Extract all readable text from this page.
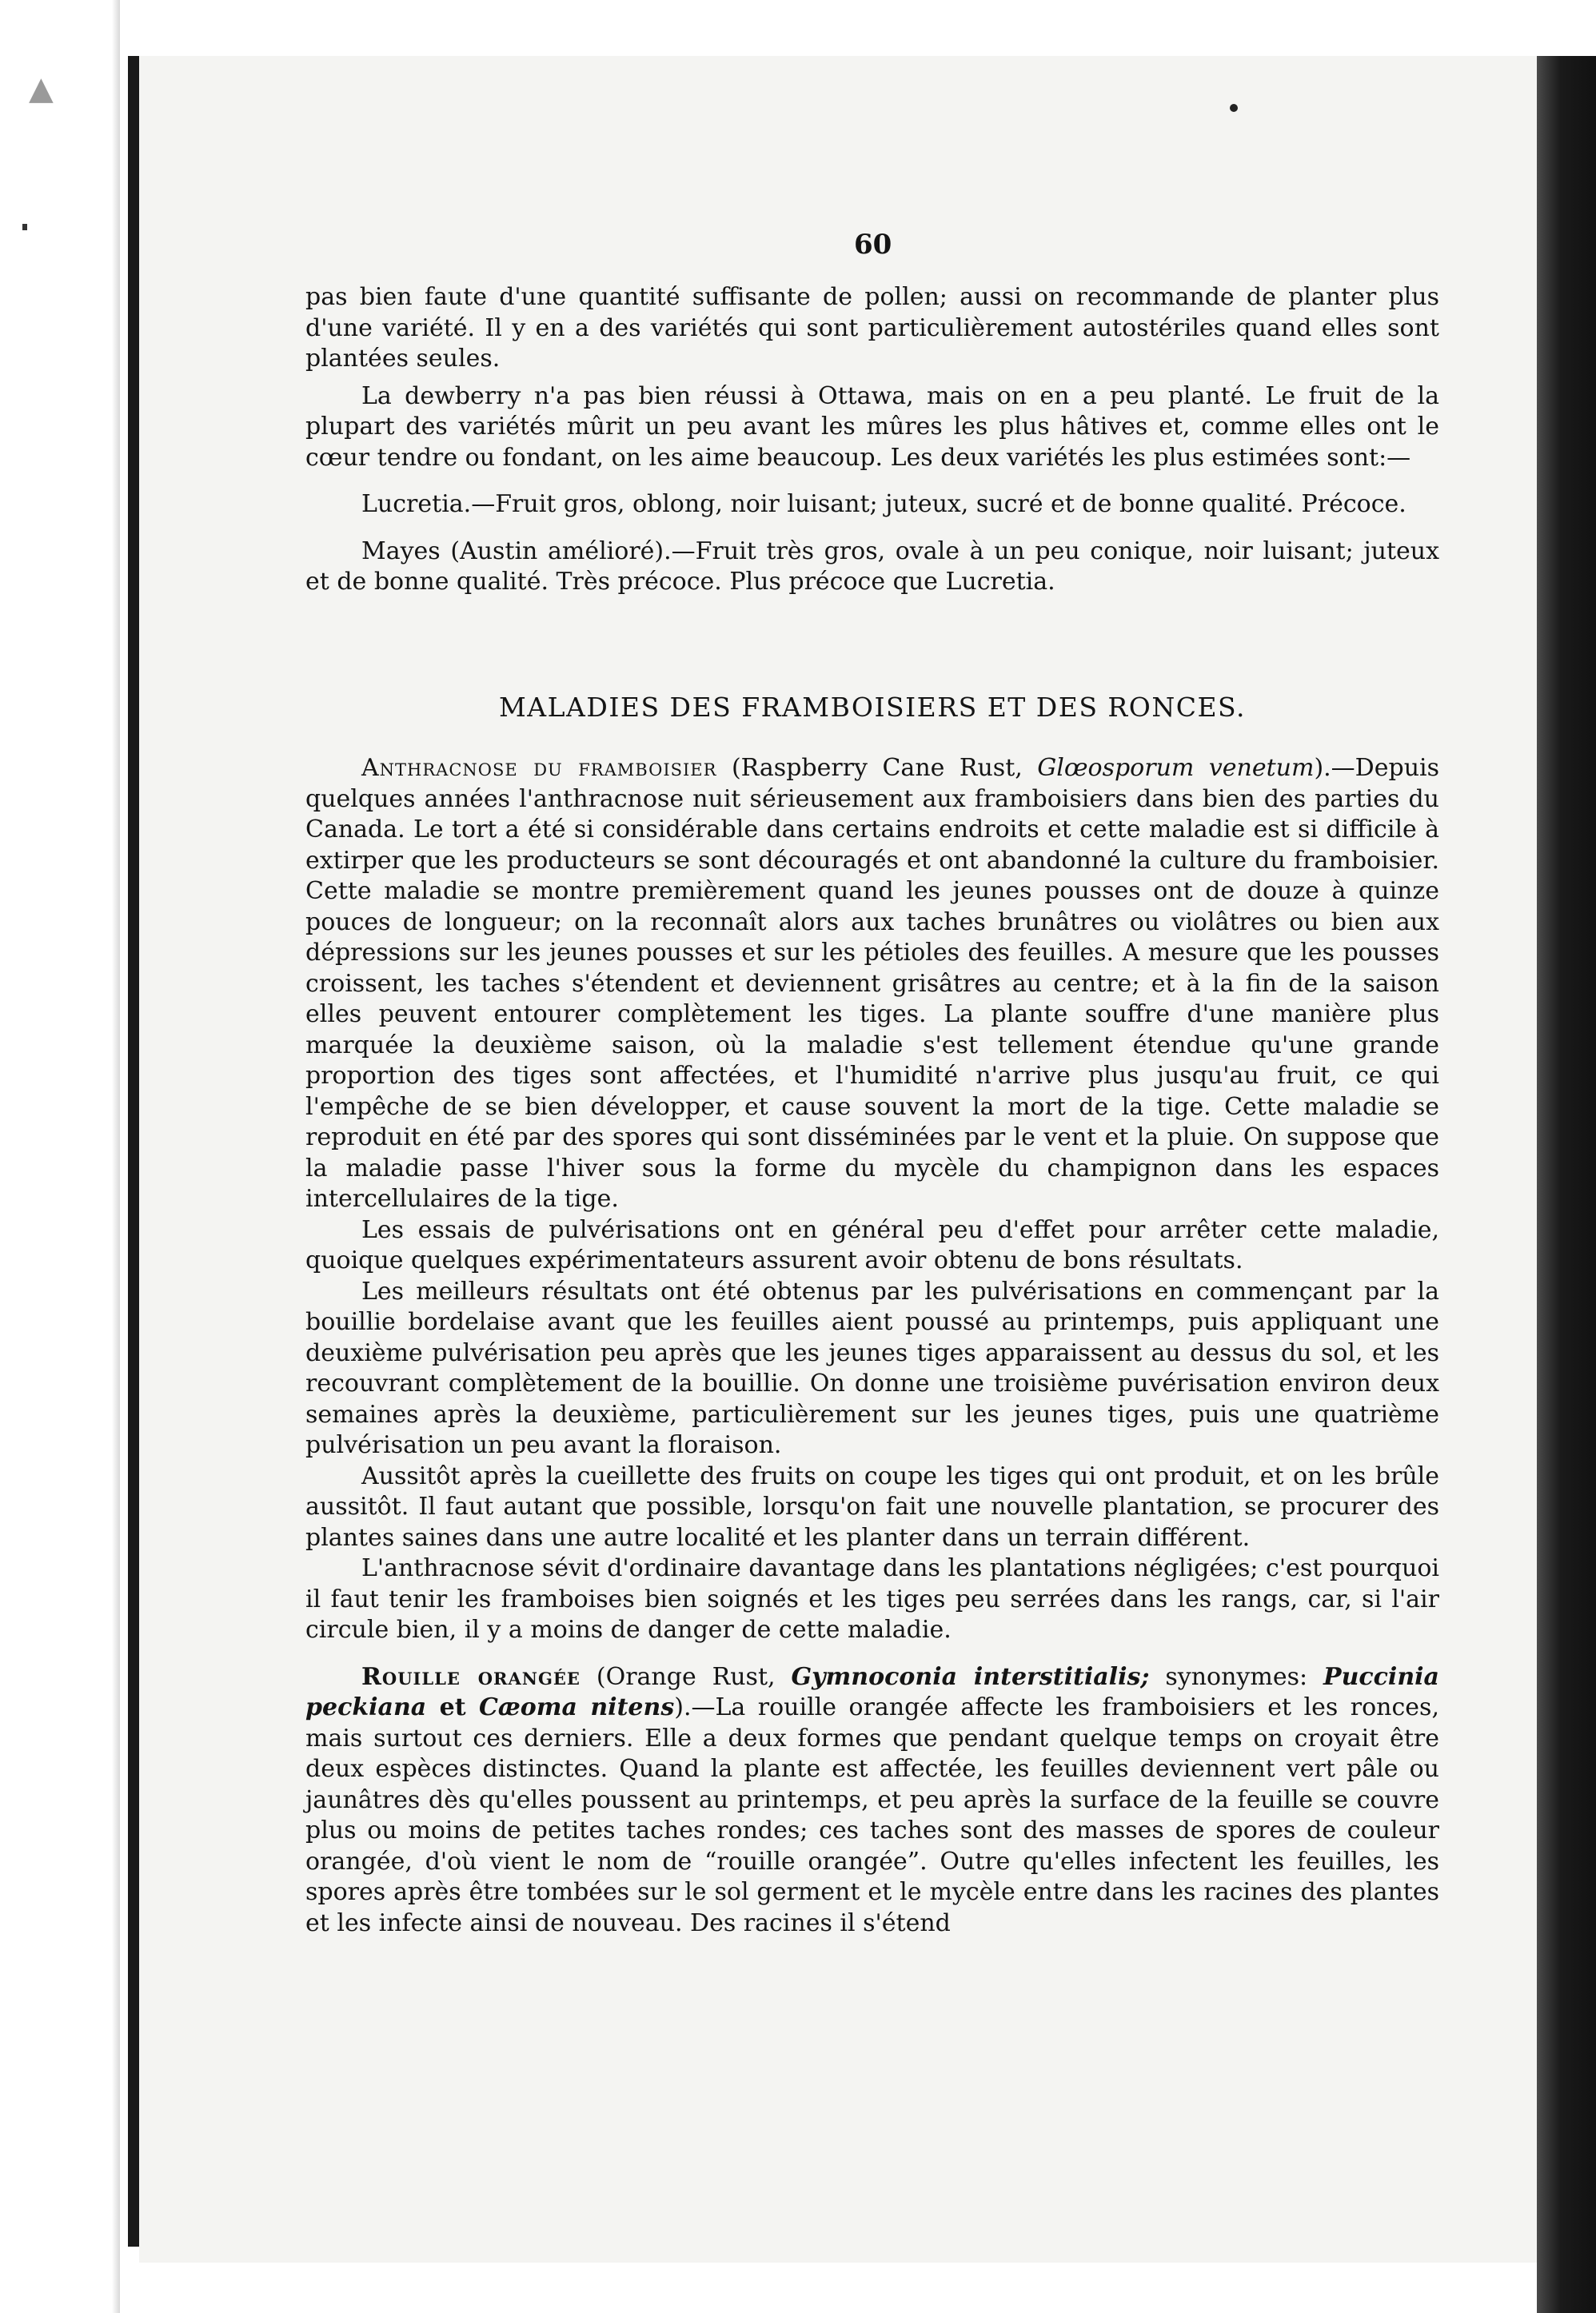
▲
60

pas bien faute d'une quantité suffisante de pollen; aussi on recommande de planter plus d'une variété. Il y en a des variétés qui sont particulièrement autostériles quand elles sont plantées seules.

La dewberry n'a pas bien réussi à Ottawa, mais on en a peu planté. Le fruit de la plupart des variétés mûrit un peu avant les mûres les plus hâtives et, comme elles ont le cœur tendre ou fondant, on les aime beaucoup. Les deux variétés les plus estimées sont:—

Lucretia.—Fruit gros, oblong, noir luisant; juteux, sucré et de bonne qualité. Précoce.

Mayes (Austin amélioré).—Fruit très gros, ovale à un peu conique, noir luisant; juteux et de bonne qualité. Très précoce. Plus précoce que Lucretia.

MALADIES DES FRAMBOISIERS ET DES RONCES.

Anthracnose du framboisier (Raspberry Cane Rust, Glœosporum venetum).—Depuis quelques années l'anthracnose nuit sérieusement aux framboisiers dans bien des parties du Canada. Le tort a été si considérable dans certains endroits et cette maladie est si difficile à extirper que les producteurs se sont découragés et ont abandonné la culture du framboisier. Cette maladie se montre premièrement quand les jeunes pousses ont de douze à quinze pouces de longueur; on la reconnaît alors aux taches brunâtres ou violâtres ou bien aux dépressions sur les jeunes pousses et sur les pétioles des feuilles. A mesure que les pousses croissent, les taches s'étendent et deviennent grisâtres au centre; et à la fin de la saison elles peuvent entourer complètement les tiges. La plante souffre d'une manière plus marquée la deuxième saison, où la maladie s'est tellement étendue qu'une grande proportion des tiges sont affectées, et l'humidité n'arrive plus jusqu'au fruit, ce qui l'empêche de se bien développer, et cause souvent la mort de la tige. Cette maladie se reproduit en été par des spores qui sont disséminées par le vent et la pluie. On suppose que la maladie passe l'hiver sous la forme du mycèle du champignon dans les espaces intercellulaires de la tige.

Les essais de pulvérisations ont en général peu d'effet pour arrêter cette maladie, quoique quelques expérimentateurs assurent avoir obtenu de bons résultats.

Les meilleurs résultats ont été obtenus par les pulvérisations en commençant par la bouillie bordelaise avant que les feuilles aient poussé au printemps, puis appliquant une deuxième pulvérisation peu après que les jeunes tiges apparaissent au dessus du sol, et les recouvrant complètement de la bouillie. On donne une troisième puvérisation environ deux semaines après la deuxième, particulièrement sur les jeunes tiges, puis une quatrième pulvérisation un peu avant la floraison.

Aussitôt après la cueillette des fruits on coupe les tiges qui ont produit, et on les brûle aussitôt. Il faut autant que possible, lorsqu'on fait une nouvelle plantation, se procurer des plantes saines dans une autre localité et les planter dans un terrain différent.

L'anthracnose sévit d'ordinaire davantage dans les plantations négligées; c'est pourquoi il faut tenir les framboises bien soignés et les tiges peu serrées dans les rangs, car, si l'air circule bien, il y a moins de danger de cette maladie.

Rouille orangée (Orange Rust, Gymnoconia interstitialis; synonymes: Puccinia peckiana et Cæoma nitens).—La rouille orangée affecte les framboisiers et les ronces, mais surtout ces derniers. Elle a deux formes que pendant quelque temps on croyait être deux espèces distinctes. Quand la plante est affectée, les feuilles deviennent vert pâle ou jaunâtres dès qu'elles poussent au printemps, et peu après la surface de la feuille se couvre plus ou moins de petites taches rondes; ces taches sont des masses de spores de couleur orangée, d'où vient le nom de “rouille orangée”. Outre qu'elles infectent les feuilles, les spores après être tombées sur le sol germent et le mycèle entre dans les racines des plantes et les infecte ainsi de nouveau. Des racines il s'étend
